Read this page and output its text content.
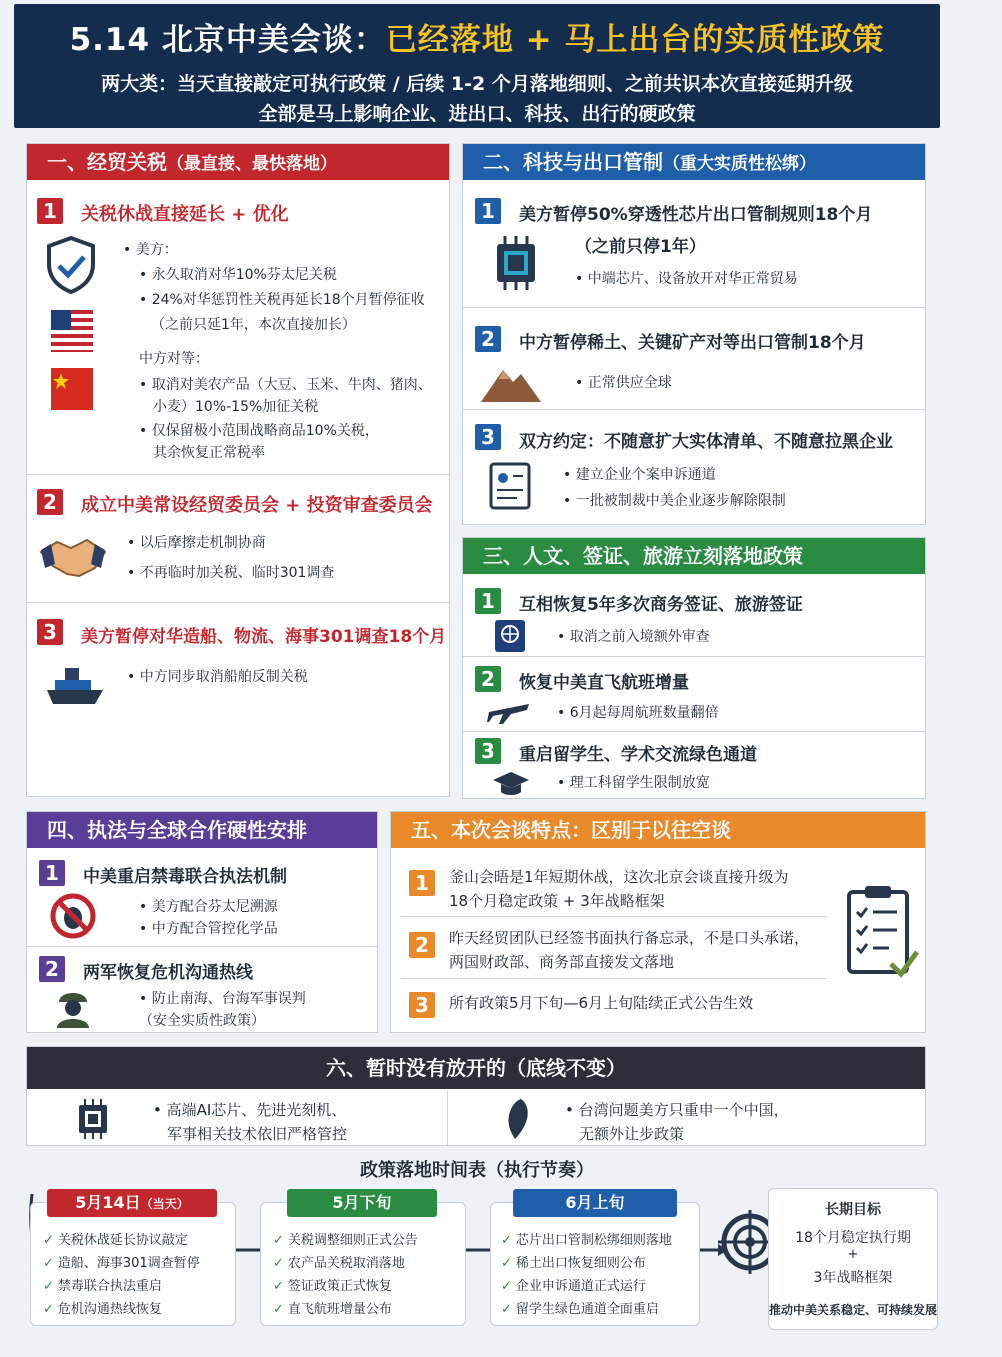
5.14 北京中美会谈：已经落地 + 马上出台的实质性政策
两大类：当天直接敲定可执行政策 / 后续 1-2 个月落地细则、之前共识本次直接延期升级
全部是马上影响企业、进出口、科技、出行的硬政策
一、经贸关税（最直接、最快落地）
1	关税休战直接延长 + 优化
• 美方：
• 永久取消对华10%芬太尼关税
• 24%对华惩罚性关税再延长18个月暂停征收
（之前只延1年，本次直接加长）
中方对等：
• 取消对美农产品（大豆、玉米、牛肉、猪肉、
小麦）10%-15%加征关税
• 仅保留极小范围战略商品10%关税，
其余恢复正常税率
2	成立中美常设经贸委员会 + 投资审查委员会
• 以后摩擦走机制协商
• 不再临时加关税、临时301调查
3	美方暂停对华造船、物流、海事301调查18个月
• 中方同步取消船舶反制关税
二、科技与出口管制（重大实质性松绑）
1	美方暂停50%穿透性芯片出口管制规则18个月
（之前只停1年）
• 中端芯片、设备放开对华正常贸易
2	中方暂停稀土、关键矿产对等出口管制18个月
• 正常供应全球
3	双方约定：不随意扩大实体清单、不随意拉黑企业
• 建立企业个案申诉通道
• 一批被制裁中美企业逐步解除限制
三、人文、签证、旅游立刻落地政策
1	互相恢复5年多次商务签证、旅游签证
• 取消之前入境额外审查
2	恢复中美直飞航班增量
• 6月起每周航班数量翻倍
3	重启留学生、学术交流绿色通道
• 理工科留学生限制放宽
四、执法与全球合作硬性安排
1	中美重启禁毒联合执法机制
• 美方配合芬太尼溯源
• 中方配合管控化学品
2	两军恢复危机沟通热线
• 防止南海、台海军事误判
（安全实质性政策）
五、本次会谈特点：区别于以往空谈
1	釜山会晤是1年短期休战，这次北京会谈直接升级为
18个月稳定政策 + 3年战略框架
2	昨天经贸团队已经签书面执行备忘录，不是口头承诺，
两国财政部、商务部直接发文落地
3	所有政策5月下旬—6月上旬陆续正式公告生效
六、暂时没有放开的（底线不变）
• 高端AI芯片、先进光刻机、
军事相关技术依旧严格管控
• 台湾问题美方只重申一个中国，
无额外让步政策
政策落地时间表（执行节奏）
5月14日（当天）
✓ 关税休战延长协议敲定
✓ 造船、海事301调查暂停
✓ 禁毒联合执法重启
✓ 危机沟通热线恢复
5月下旬
✓ 关税调整细则正式公告
✓ 农产品关税取消落地
✓ 签证政策正式恢复
✓ 直飞航班增量公布
6月上旬
✓ 芯片出口管制松绑细则落地
✓ 稀土出口恢复细则公布
✓ 企业申诉通道正式运行
✓ 留学生绿色通道全面重启
长期目标
18个月稳定执行期
+
3年战略框架
推动中美关系稳定、可持续发展
